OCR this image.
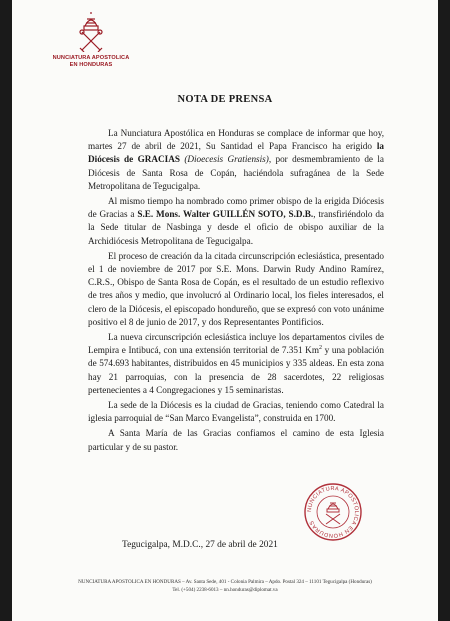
NUNCIATURA APOSTOLICA
EN HONDURAS
NOTA DE PRENSA

La Nunciatura Apostólica en Honduras se complace de informar que hoy, martes 27 de abril de 2021, Su Santidad el Papa Francisco ha erigido la Diócesis de GRACIAS (Dioecesis Gratiensis), por desmembramiento de la Diócesis de Santa Rosa de Copán, haciéndola sufragánea de la Sede Metropolitana de Tegucigalpa.

Al mismo tiempo ha nombrado como primer obispo de la erigida Diócesis de Gracias a S.E. Mons. Walter GUILLÉN SOTO, S.D.B., transfiriéndolo da la Sede titular de Nasbinga y desde el oficio de obispo auxiliar de la Archidiócesis Metropolitana de Tegucigalpa.

El proceso de creación da la citada circunscripción eclesiástica, presentado el 1 de noviembre de 2017 por S.E. Mons. Darwin Rudy Andino Ramírez, C.R.S., Obispo de Santa Rosa de Copán, es el resultado de un estudio reflexivo de tres años y medio, que involucró al Ordinario local, los fieles interesados, el clero de la Diócesis, el episcopado hondureño, que se expresó con voto unánime positivo el 8 de junio de 2017, y dos Representantes Pontificios.

La nueva circunscripción eclesiástica incluye los departamentos civiles de Lempira e Intibucá, con una extensión territorial de 7.351 Km$^2$ y una población de 574.693 habitantes, distribuidos en 45 municipios y 335 aldeas. En esta zona hay 21 parroquias, con la presencia de 28 sacerdotes, 22 religiosas pertenecientes a 4 Congregaciones y 15 seminaristas.

La sede de la Diócesis es la ciudad de Gracias, teniendo como Catedral la iglesia parroquial de “San Marco Evangelista”, construida en 1700.

A Santa María de las Gracias confiamos el camino de esta Iglesia particular y de su pastor.

NUNCIATURA APOSTOLICA EN HONDURAS
Tegucigalpa, M.D.C., 27 de abril de 2021
NUNCIATURA APOSTOLICA EN HONDURAS – Av. Santa Sede, 401 - Colonia Palmira – Apdo. Postal 324 – 11101 Tegucigalpa (Honduras)
Tel. (+504) 2238-6013 – nn.honduras@diplomat.va
